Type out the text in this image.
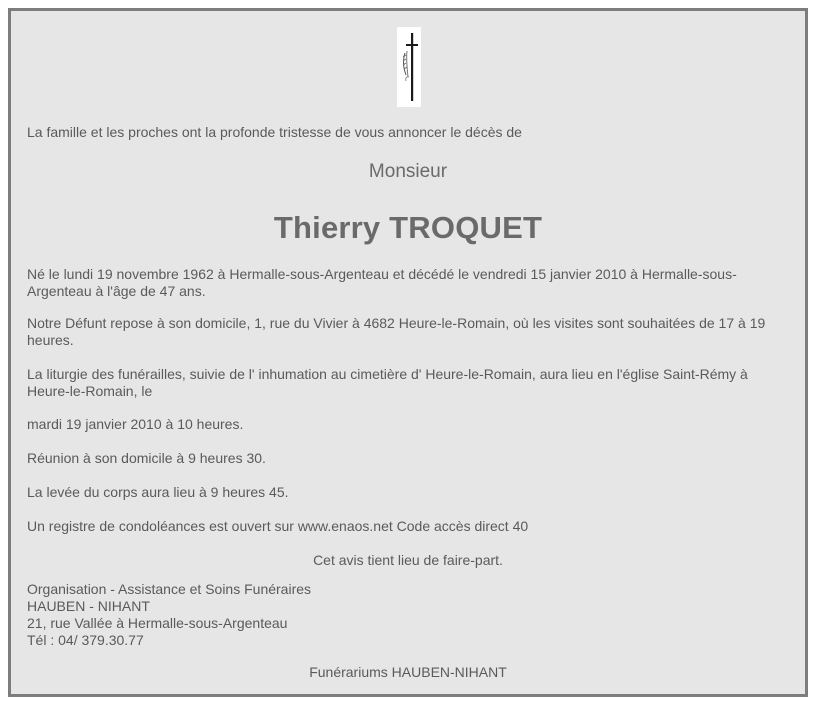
La famille et les proches ont la profonde tristesse de vous annoncer le décès de

Monsieur
Thierry TROQUET

Né le lundi 19 novembre 1962 à Hermalle-sous-Argenteau et décédé le vendredi 15 janvier 2010 à Hermalle-sous-Argenteau à l'âge de 47 ans.

Notre Défunt repose à son domicile, 1, rue du Vivier à 4682 Heure-le-Romain, où les visites sont souhaitées de 17 à 19 heures.

La liturgie des funérailles, suivie de l' inhumation au cimetière d' Heure-le-Romain, aura lieu en l'église Saint-Rémy à Heure-le-Romain, le

mardi 19 janvier 2010 à 10 heures.

Réunion à son domicile à 9 heures 30.

La levée du corps aura lieu à 9 heures 45.

Un registre de condoléances est ouvert sur www.enaos.net Code accès direct 40

Cet avis tient lieu de faire-part.

Organisation - Assistance et Soins Funéraires
HAUBEN - NIHANT
21, rue Vallée à Hermalle-sous-Argenteau
Tél : 04/ 379.30.77

Funérariums HAUBEN-NIHANT
